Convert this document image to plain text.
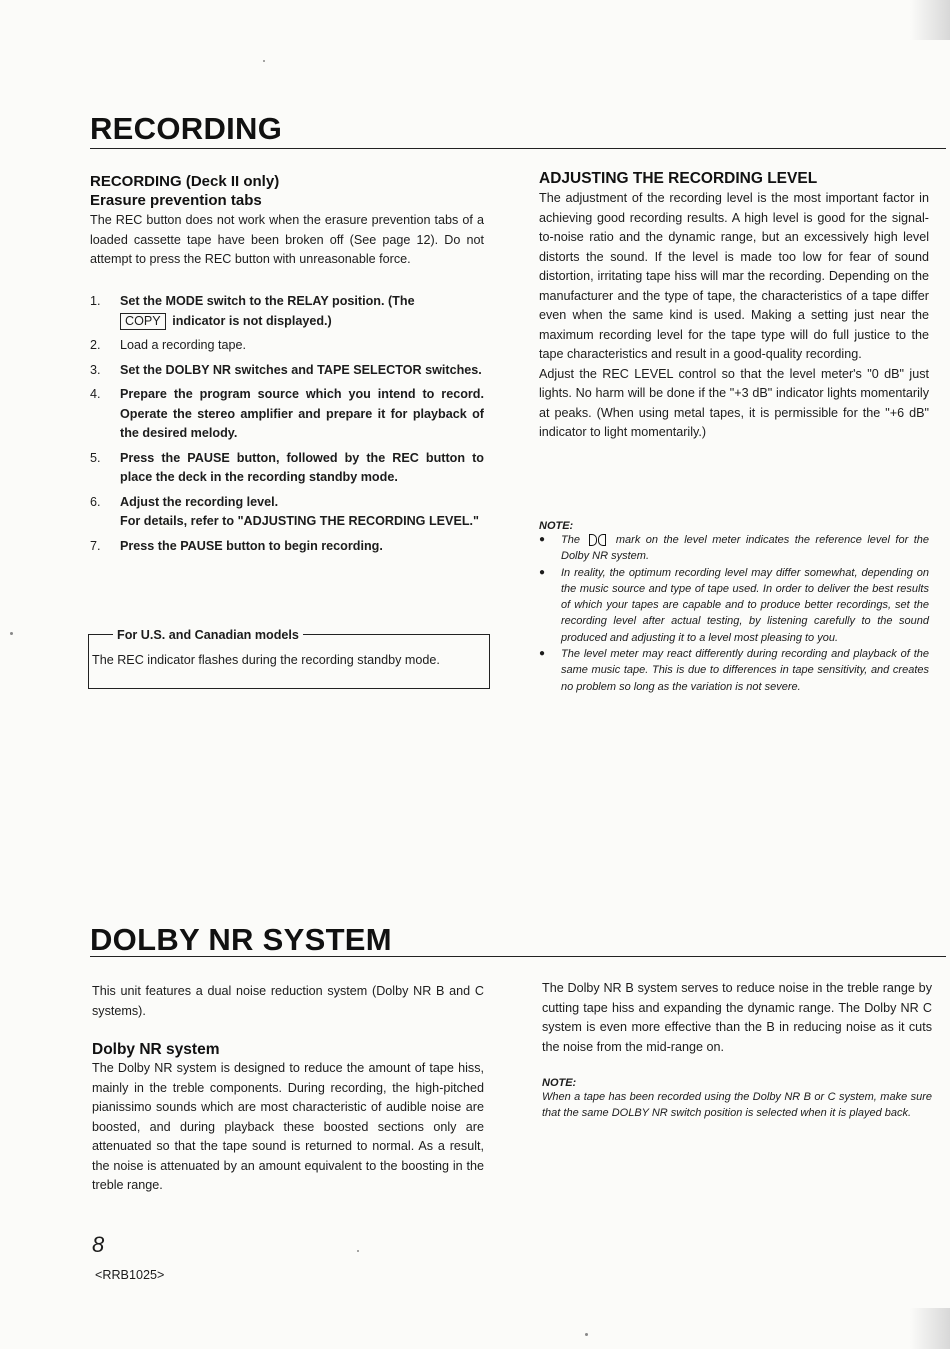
RECORDING
RECORDING (Deck II only)
Erasure prevention tabs

The REC button does not work when the erasure prevention tabs of a loaded cassette tape have been broken off (See page 12). Do not attempt to press the REC button with unreasonable force.

1.	Set the MODE switch to the RELAY position. (The
COPY indicator is not displayed.)
2.	Load a recording tape.
3.	Set the DOLBY NR switches and TAPE SELECTOR switches.
4.	Prepare the program source which you intend to record. Operate the stereo amplifier and prepare it for playback of the desired melody.
5.	Press the PAUSE button, followed by the REC button to place the deck in the recording standby mode.
6.	Adjust the recording level.
For details, refer to "ADJUSTING THE RECORDING LEVEL."
7.	Press the PAUSE button to begin recording.
For U.S. and Canadian models

The REC indicator flashes during the recording standby mode.

ADJUSTING THE RECORDING LEVEL

The adjustment of the recording level is the most important factor in achieving good recording results. A high level is good for the signal-to-noise ratio and the dynamic range, but an excessively high level distorts the sound. If the level is made too low for fear of sound distortion, irritating tape hiss will mar the recording. Depending on the manufacturer and the type of tape, the characteristics of a tape differ even when the same kind is used. Making a setting just near the maximum recording level for the tape type will do full justice to the tape characteristics and result in a good-quality recording.

Adjust the REC LEVEL control so that the level meter's "0 dB" just lights. No harm will be done if the "+3 dB" indicator lights momentarily at peaks. (When using metal tapes, it is permissible for the "+6 dB" indicator to light momentarily.)

NOTE:
●	The	mark on the level meter indicates the reference level for the Dolby NR system.
●	In reality, the optimum recording level may differ somewhat, depending on the music source and type of tape used. In order to deliver the best results of which your tapes are capable and to produce better recordings, set the recording level after actual testing, by listening carefully to the sound produced and adjusting it to a level most pleasing to you.
●	The level meter may react differently during recording and playback of the same music tape. This is due to differences in tape sensitivity, and creates no problem so long as the variation is not severe.
DOLBY NR SYSTEM

This unit features a dual noise reduction system (Dolby NR B and C systems).

Dolby NR system

The Dolby NR system is designed to reduce the amount of tape hiss, mainly in the treble components. During recording, the high-pitched pianissimo sounds which are most characteristic of audible noise are boosted, and during playback these boosted sections only are attenuated so that the tape sound is returned to normal. As a result, the noise is attenuated by an amount equivalent to the boosting in the treble range.

The Dolby NR B system serves to reduce noise in the treble range by cutting tape hiss and expanding the dynamic range. The Dolby NR C system is even more effective than the B in reducing noise as it cuts the noise from the mid-range on.

NOTE:

When a tape has been recorded using the Dolby NR B or C system, make sure that the same DOLBY NR switch position is selected when it is played back.

8
<RRB1025>
